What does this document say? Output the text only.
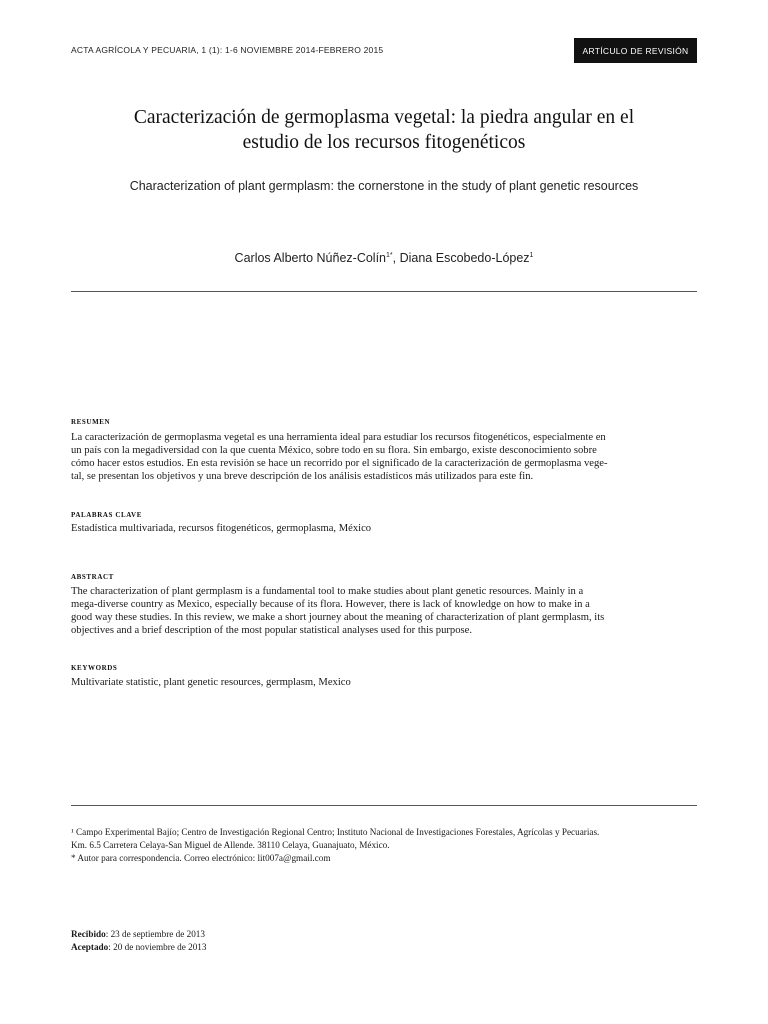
ACTA AGRÍCOLA Y PECUARIA, 1 (1): 1-6 NOVIEMBRE 2014-FEBRERO 2015	ARTÍCULO DE REVISIÓN
Caracterización de germoplasma vegetal: la piedra angular en el
estudio de los recursos fitogenéticos
Characterization of plant germplasm: the cornerstone in the study of plant genetic resources
Carlos Alberto Núñez-Colín$^{1*}$, Diana Escobedo-López$^1$
RESUMEN
La caracterización de germoplasma vegetal es una herramienta ideal para estudiar los recursos fitogenéticos, especialmente en
un país con la megadiversidad con la que cuenta México, sobre todo en su flora. Sin embargo, existe desconocimiento sobre
cómo hacer estos estudios. En esta revisión se hace un recorrido por el significado de la caracterización de germoplasma vege-
tal, se presentan los objetivos y una breve descripción de los análisis estadísticos más utilizados para este fin.
PALABRAS CLAVE
Estadística multivariada, recursos fitogenéticos, germoplasma, México
ABSTRACT
The characterization of plant germplasm is a fundamental tool to make studies about plant genetic resources. Mainly in a
mega-diverse country as Mexico, especially because of its flora. However, there is lack of knowledge on how to make in a
good way these studies. In this review, we make a short journey about the meaning of characterization of plant germplasm, its
objectives and a brief description of the most popular statistical analyses used for this purpose.
KEYWORDS
Multivariate statistic, plant genetic resources, germplasm, Mexico
¹ Campo Experimental Bajío; Centro de Investigación Regional Centro; Instituto Nacional de Investigaciones Forestales, Agrícolas y Pecuarias.
Km. 6.5 Carretera Celaya-San Miguel de Allende. 38110 Celaya, Guanajuato, México.
* Autor para correspondencia. Correo electrónico: lit007a@gmail.com
Recibido: 23 de septiembre de 2013
Aceptado: 20 de noviembre de 2013
